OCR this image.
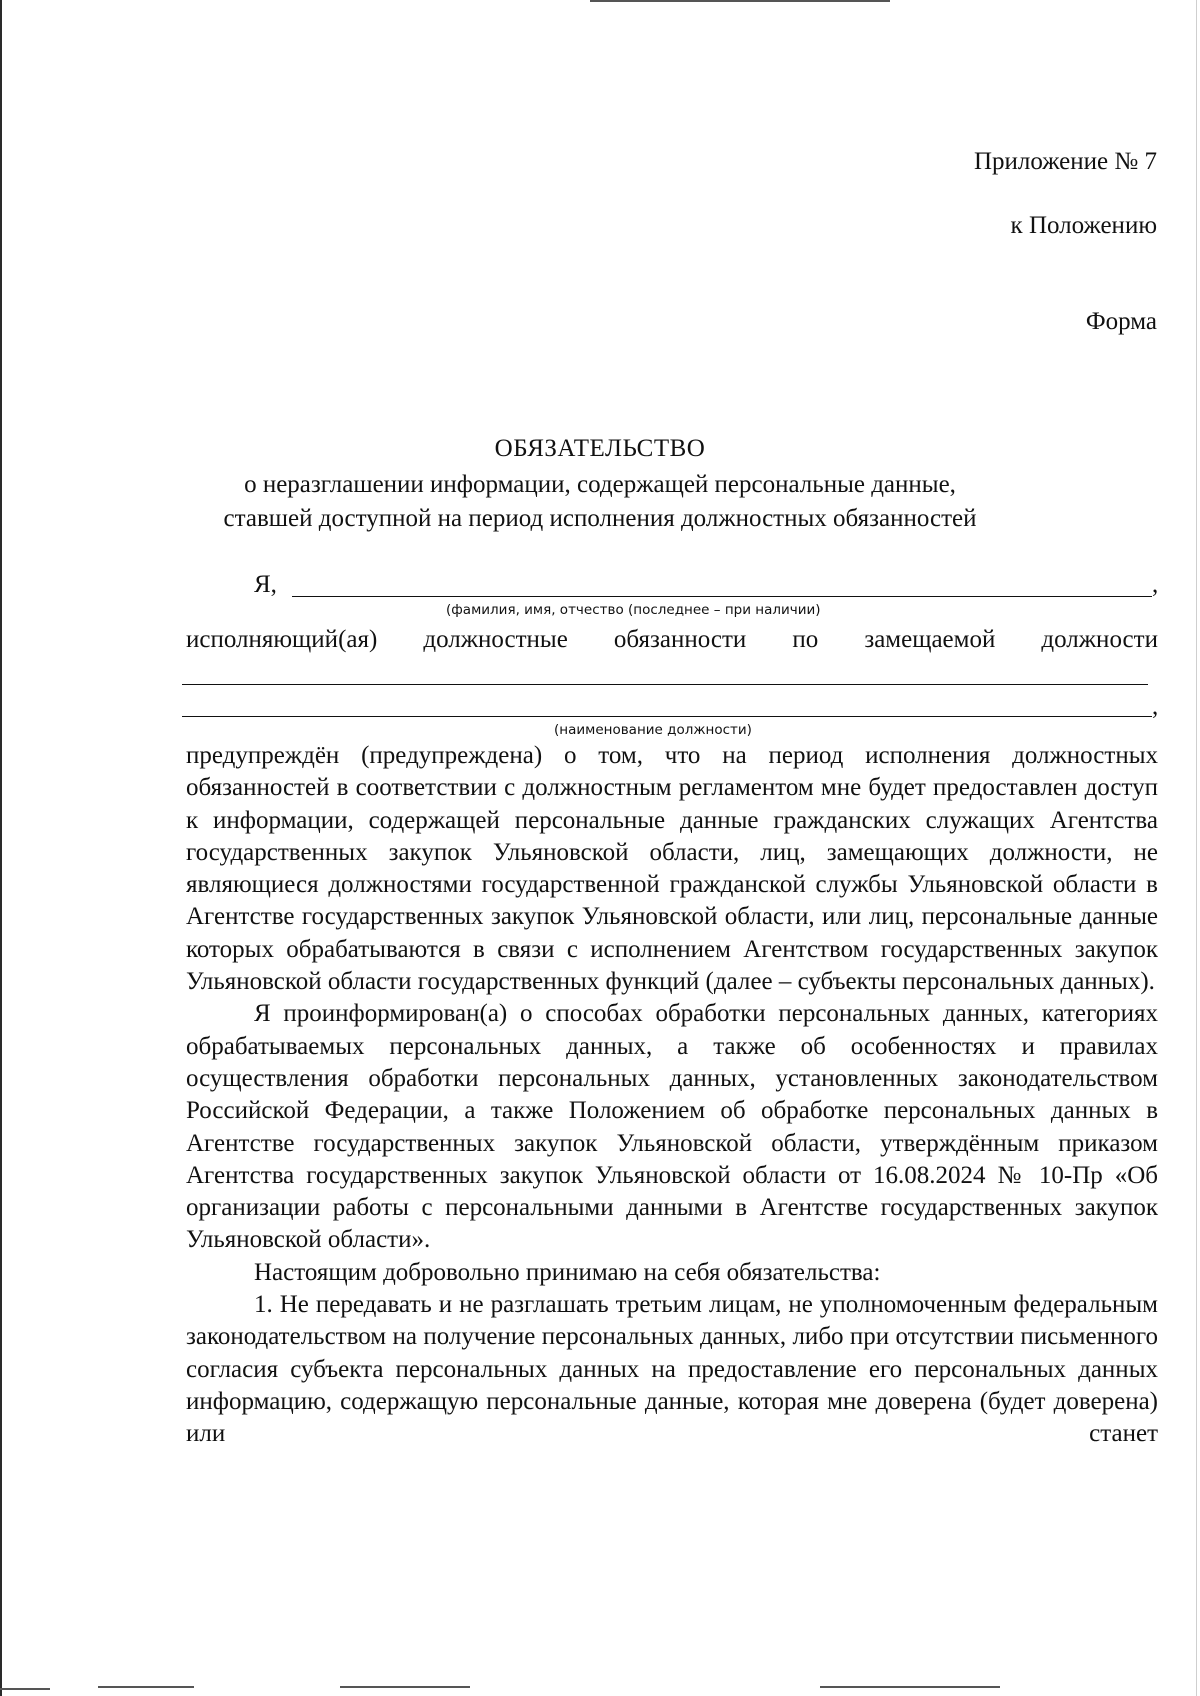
Приложение № 7
к Положению
Форма
ОБЯЗАТЕЛЬСТВО
о неразглашении информации, содержащей персональные данные,
ставшей доступной на период исполнения должностных обязанностей
Я,	,
(фамилия, имя, отчество (последнее – при наличии)
исполняющий(ая) должностные обязанности по замещаемой должности
,
(наименование должности)

предупреждён (предупреждена) о том, что на период исполнения должностных обязанностей в соответствии с должностным регламентом мне будет предоставлен доступ к информации, содержащей персональные данные гражданских служащих Агентства государственных закупок Ульяновской области, лиц, замещающих должности, не являющиеся должностями государственной гражданской службы Ульяновской области в Агентстве государственных закупок Ульяновской области, или лиц, персональные данные которых обрабатываются в связи с исполнением Агентством государственных закупок Ульяновской области государственных функций (далее – субъекты персональных данных).

Я проинформирован(а) о способах обработки персональных данных, категориях обрабатываемых персональных данных, а также об особенностях и правилах осуществления обработки персональных данных, установленных законодательством Российской Федерации, а также Положением об обработке персональных данных в Агентстве государственных закупок Ульяновской области, утверждённым приказом Агентства государственных закупок Ульяновской области от 16.08.2024 № 10-Пр «Об организации работы с персональными данными в Агентстве государственных закупок Ульяновской области».

Настоящим добровольно принимаю на себя обязательства:

1. Не передавать и не разглашать третьим лицам, не уполномоченным федеральным законодательством на получение персональных данных, либо при отсутствии письменного согласия субъекта персональных данных на предоставление его персональных данных информацию, содержащую персональные данные, которая мне доверена (будет доверена) или станет
